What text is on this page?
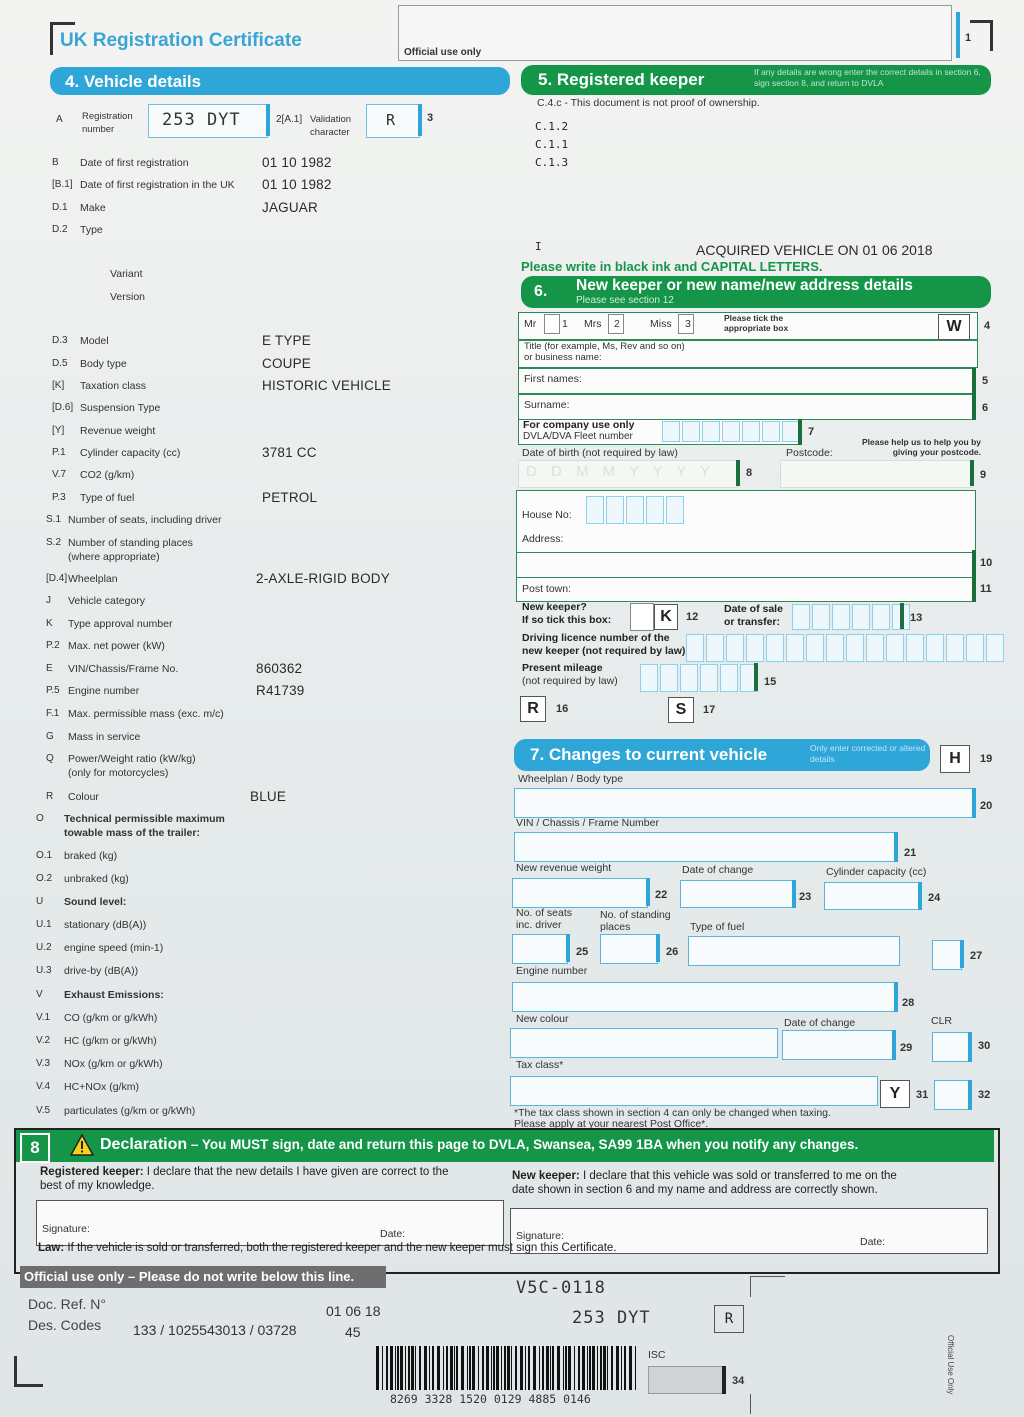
UK Registration Certificate
Official use only
1
4. Vehicle details
A Registration number	253 DYT	2[A.1] Validation character
R	3
B Date of first registration	01 10 1982
[B.1] Date of first registration in the UK 01 10 1982
D.1 Make	JAGUAR
D.2 Type
Variant
Version
D.3 Model	E TYPE
D.5 Body type	COUPE
[K] Taxation class	HISTORIC VEHICLE
[D.6] Suspension Type
[Y] Revenue weight
P.1 Cylinder capacity (cc)	3781 CC
V.7 CO2 (g/km)
P.3 Type of fuel	PETROL
S.1 Number of seats, including driver
S.2 Number of standing places
(where appropriate)
[D.4] Wheelplan	2-AXLE-RIGID BODY
J Vehicle category
K Type approval number
P.2 Max. net power (kW)
E VIN/Chassis/Frame No.	860362
P.5 Engine number	R41739
F.1 Max. permissible mass (exc. m/c)
G Mass in service
Q Power/Weight ratio (kW/kg)
(only for motorcycles)
R Colour	BLUE
O Technical permissible maximum
towable mass of the trailer:
O.1 braked (kg)
O.2 unbraked (kg)
U Sound level:
U.1 stationary (dB(A))
U.2 engine speed (min-1)
U.3 drive-by (dB(A))
V Exhaust Emissions:
V.1 CO (g/km or g/kWh)
V.2 HC (g/km or g/kWh)
V.3 NOx (g/km or g/kWh)
V.4 HC+NOx (g/km)
V.5 particulates (g/km or g/kWh)
5. Registered keeper	If any details are wrong enter the correct details in section 6, sign section 8, and return to DVLA
C.4.c - This document is not proof of ownership.
C.1.2
C.1.1
C.1.3
I	ACQUIRED VEHICLE ON 01 06 2018
Please write in black ink and CAPITAL LETTERS.
6. New keeper or new name/new address details
Please see section 12
Mr 1 Mrs 2	Miss 3	Please tick the appropriate box	W	4
Title (for example, Ms, Rev and so on) or business name:
First names:	5
Surname:	6
For company use only
DVLA/DVA Fleet number	7
Please help us to help you by giving your postcode.
Date of birth (not required by law)	Postcode:
D D M M Y Y Y Y	8	9
House No:
Address:
10
Post town:	11
New keeper?
If so tick this box:	K	12
Date of sale
or transfer:	13
Driving licence number of the
new keeper (not required by law)
Present mileage
(not required by law)	15
R	16	S	17
7. Changes to current vehicle	Only enter corrected or altered details	H	19
Wheelplan / Body type
20
VIN / Chassis / Frame Number
21
New revenue weight	Date of change	Cylinder capacity (cc)
22	23	24
No. of seats
inc. driver
No. of standing
places	Type of fuel
25	26	27
Engine number
28
New colour	Date of change	CLR
29	30
Tax class*
Y	31	32
*The tax class shown in section 4 can only be changed when taxing.
Please apply at your nearest Post Office*.
8	Declaration – You MUST sign, date and return this page to DVLA, Swansea, SA99 1BA when you notify any changes.
Registered keeper: I declare that the new details I have given are correct to the
best of my knowledge.
New keeper: I declare that this vehicle was sold or transferred to me on the
date shown in section 6 and my name and address are correctly shown.
Signature:	Date:	Signature:	Date:
Law: If the vehicle is sold or transferred, both the registered keeper and the new keeper must sign this Certificate.
Official use only – Please do not write below this line.
Doc. Ref. N°
Des. Codes
01 06 18
133 / 1025543013 / 03728	45
V5C-0118
253 DYT	R
8269 3328 1520 0129 4885 0146
ISC
34	Official Use Only
